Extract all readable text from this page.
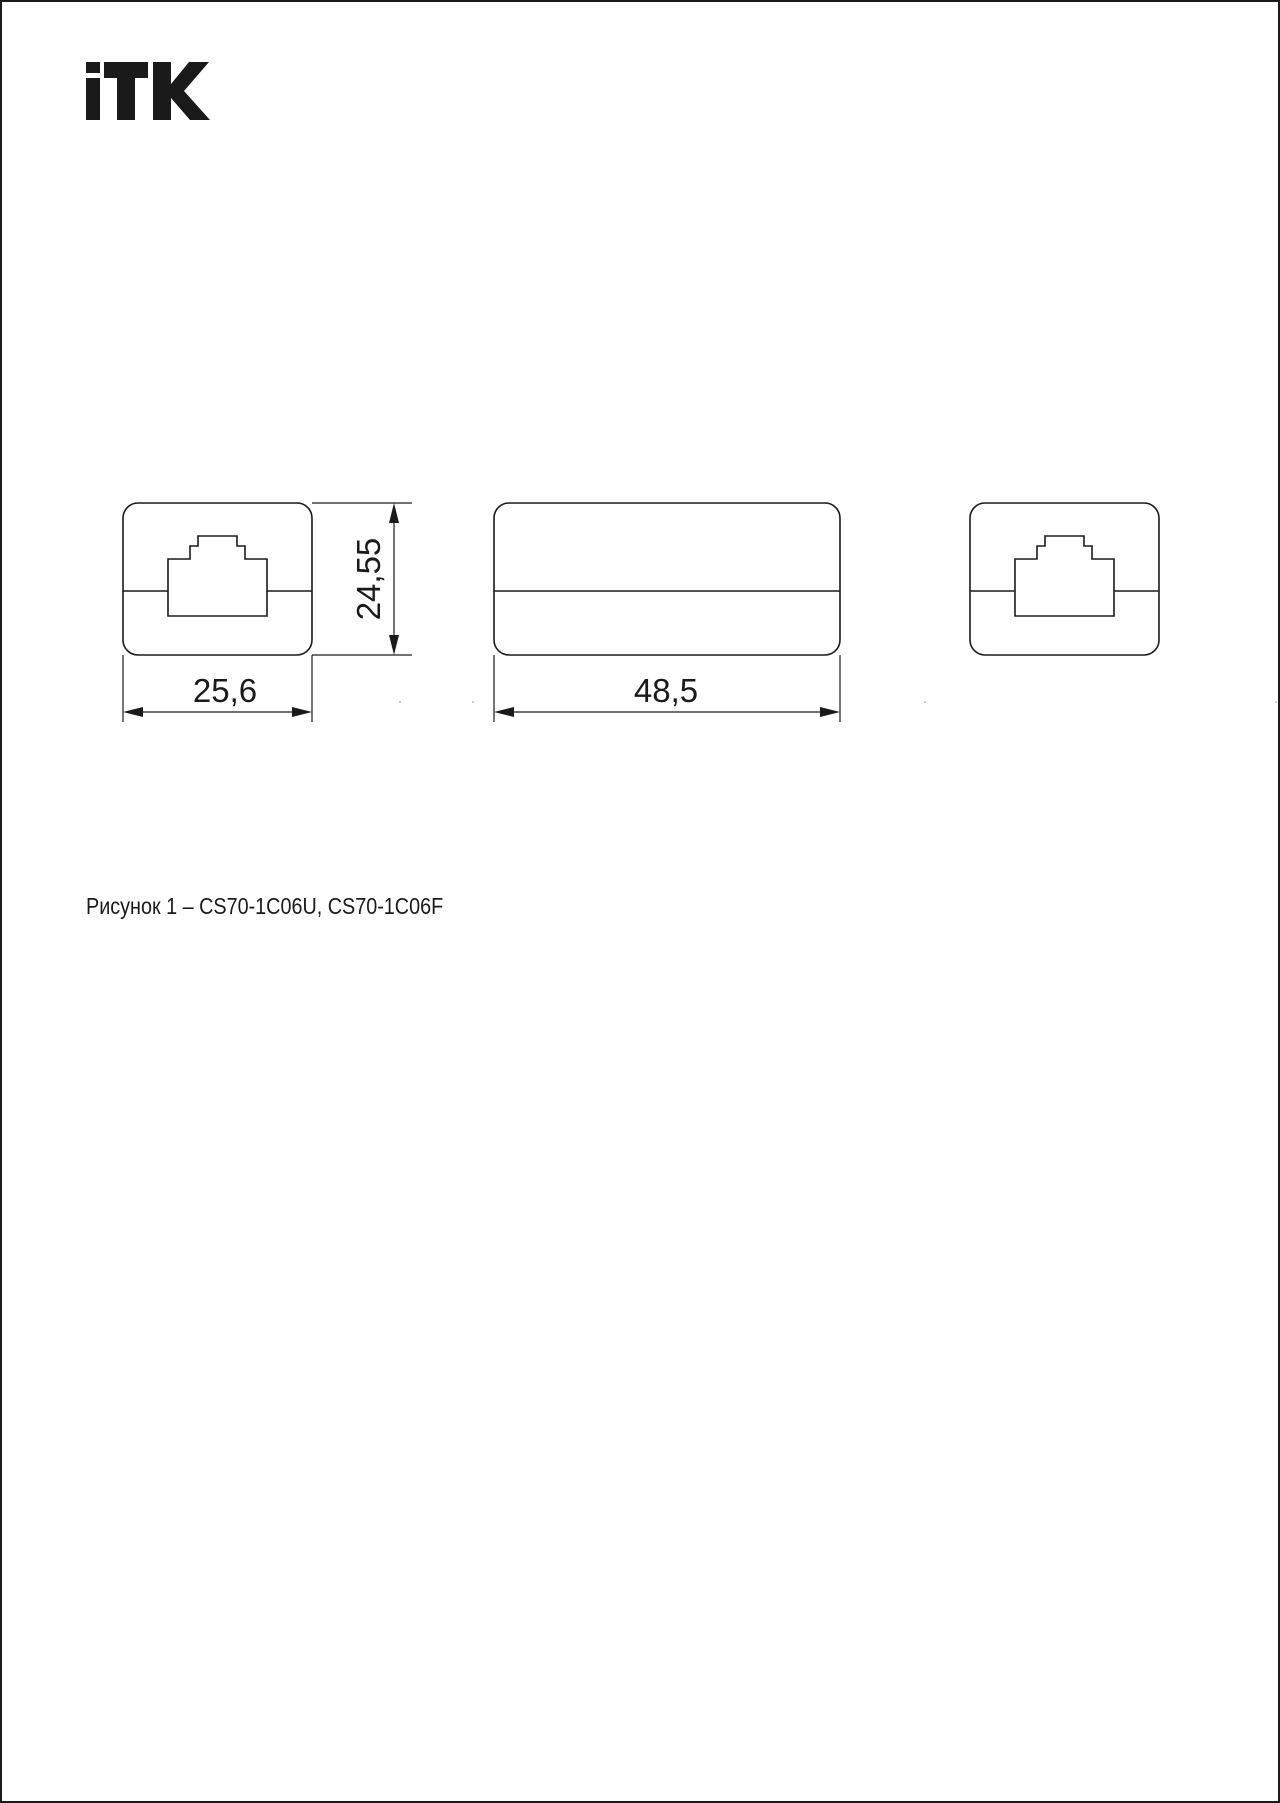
24,55
25,6	48,5

Рисунок 1 – CS70-1C06U, CS70-1C06F
